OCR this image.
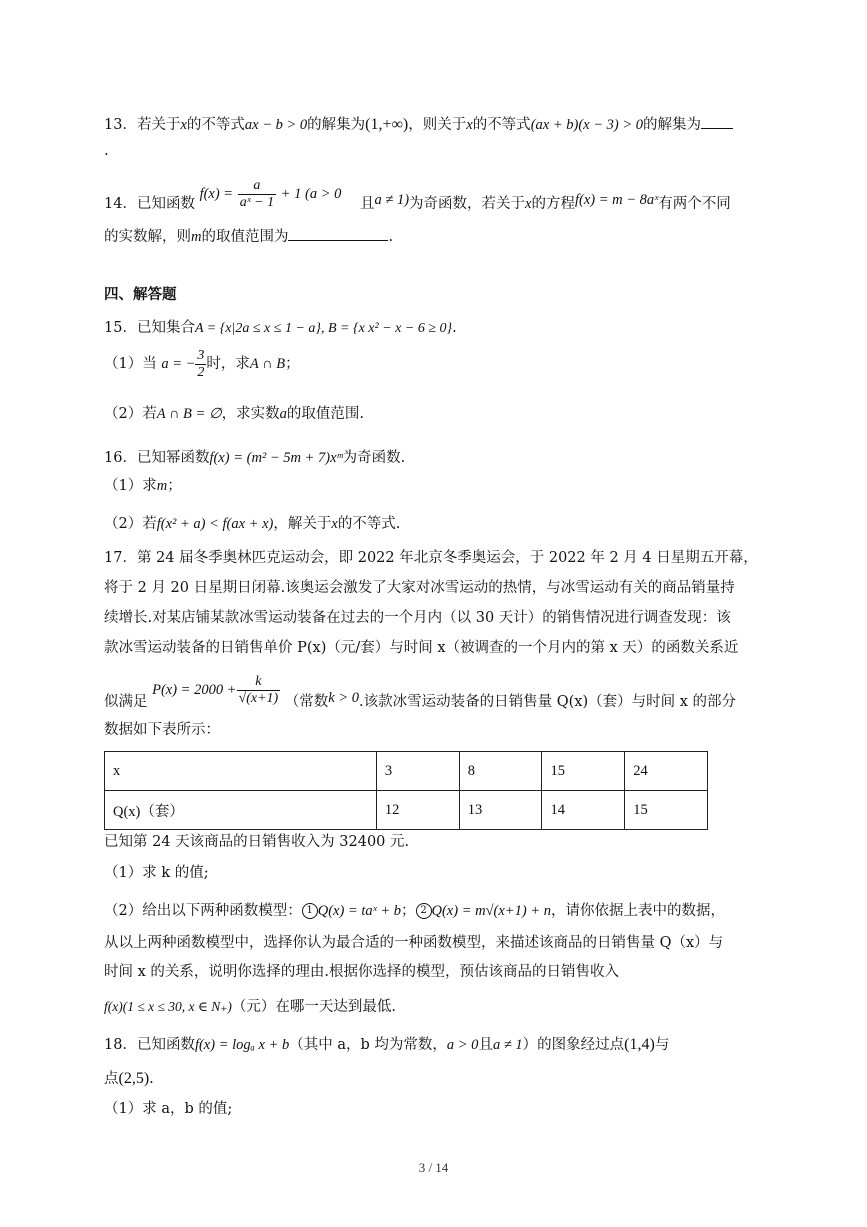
13．若关于x的不等式ax − b > 0的解集为(1,+∞)，则关于x的不等式(ax + b)(x − 3) > 0的解集为
.
14．已知函数 $f(x) = \frac{a}{\text{aˣ − 1}} + 1$ (a > 0 且a ≠ 1)为奇函数，若关于x的方程f(x) = m − 8aˣ有两个不同
的实数解，则m的取值范围为	.
四、解答题
15．已知集合A = {x|2a ≤ x ≤ 1 − a}, B = {x x² − x − 6 ≥ 0}.
（1）当 a = − $\frac{3}{2}$ 时，求A ∩ B；
（2）若A ∩ B = ∅，求实数a的取值范围.
16．已知幂函数f(x) = (m² − 5m + 7)xᵐ为奇函数.
（1）求m；
（2）若f(x² + a) < f(ax + x)，解关于x的不等式.
17．第 24 届冬季奥林匹克运动会，即 2022 年北京冬季奥运会，于 2022 年 2 月 4 日星期五开幕，
将于 2 月 20 日星期日闭幕.该奥运会激发了大家对冰雪运动的热情，与冰雪运动有关的商品销量持
续增长.对某店铺某款冰雪运动装备在过去的一个月内（以 30 天计）的销售情况进行调查发现：该
款冰雪运动装备的日销售单价 P(x)（元/套）与时间 x（被调查的一个月内的第 x 天）的函数关系近
似满足 $P(x) = 2000 + \frac{k}{√(x+1)}$ （常数k > 0.该款冰雪运动装备的日销售量 Q(x)（套）与时间 x 的部分
数据如下表所示：
x	3	8	15	24
Q(x)（套）	12	13	14	15
已知第 24 天该商品的日销售收入为 32400 元.
（1）求 k 的值;
（2）给出以下两种函数模型： 1 Q(x) = taˣ + b； 2 Q(x) = m√(x+1) + n，请你依据上表中的数据，
从以上两种函数模型中，选择你认为最合适的一种函数模型，来描述该商品的日销售量 Q（x）与
时间 x 的关系，说明你选择的理由.根据你选择的模型，预估该商品的日销售收入
f(x)(1 ≤ x ≤ 30, x ∈ N₊)（元）在哪一天达到最低.
18．已知函数f(x) = logₐ x + b（其中 a，b 均为常数，a > 0且a ≠ 1）的图象经过点(1,4)与
点(2,5).
（1）求 a，b 的值;
3 / 14
